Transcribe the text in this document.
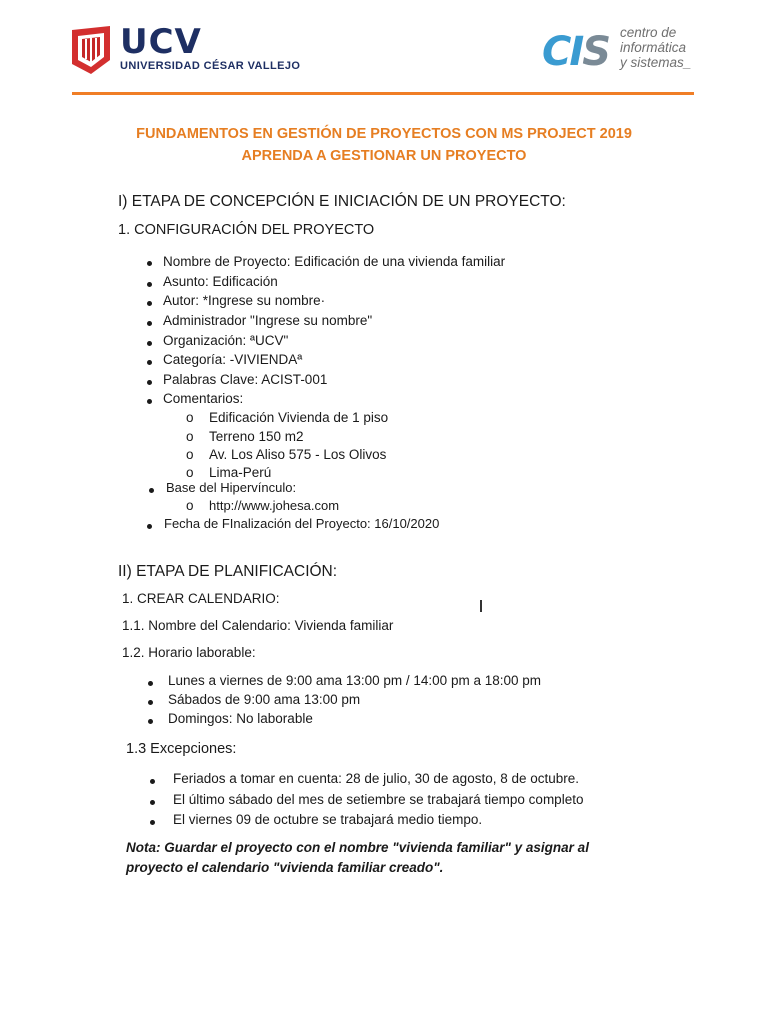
UCV
UNIVERSIDAD CÉSAR VALLEJO	CIS centro de
informática
y sistemas_
FUNDAMENTOS EN GESTIÓN DE PROYECTOS CON MS PROJECT 2019
APRENDA A GESTIONAR UN PROYECTO
I) ETAPA DE CONCEPCIÓN E INICIACIÓN DE UN PROYECTO:
1. CONFIGURACIÓN DEL PROYECTO
Nombre de Proyecto: Edificación de una vivienda familiar
Asunto: Edificación
Autor: *Ingrese su nombre·
Administrador "Ingrese su nombre"
Organización: ªUCV"
Categoría: -VIVIENDAª
Palabras Clave: ACIST-001
Comentarios:
o Edificación Vivienda de 1 piso
o Terreno 150 m2
o Av. Los Aliso 575 - Los Olivos
o Lima-Perú
Base del Hipervínculo:
o http://www.johesa.com
Fecha de FInalización del Proyecto: 16/10/2020
II) ETAPA DE PLANIFICACIÓN:
1. CREAR CALENDARIO:
1.1. Nombre del Calendario: Vivienda familiar
1.2. Horario laborable:
Lunes a viernes de 9:00 ama 13:00 pm / 14:00 pm a 18:00 pm
Sábados de 9:00 ama 13:00 pm
Domingos: No laborable
1.3 Excepciones:
Feriados a tomar en cuenta: 28 de julio, 30 de agosto, 8 de octubre.
El último sábado del mes de setiembre se trabajará tiempo completo
El viernes 09 de octubre se trabajará medio tiempo.
Nota: Guardar el proyecto con el nombre "vivienda familiar" y asignar al
proyecto el calendario "vivienda familiar creado".
